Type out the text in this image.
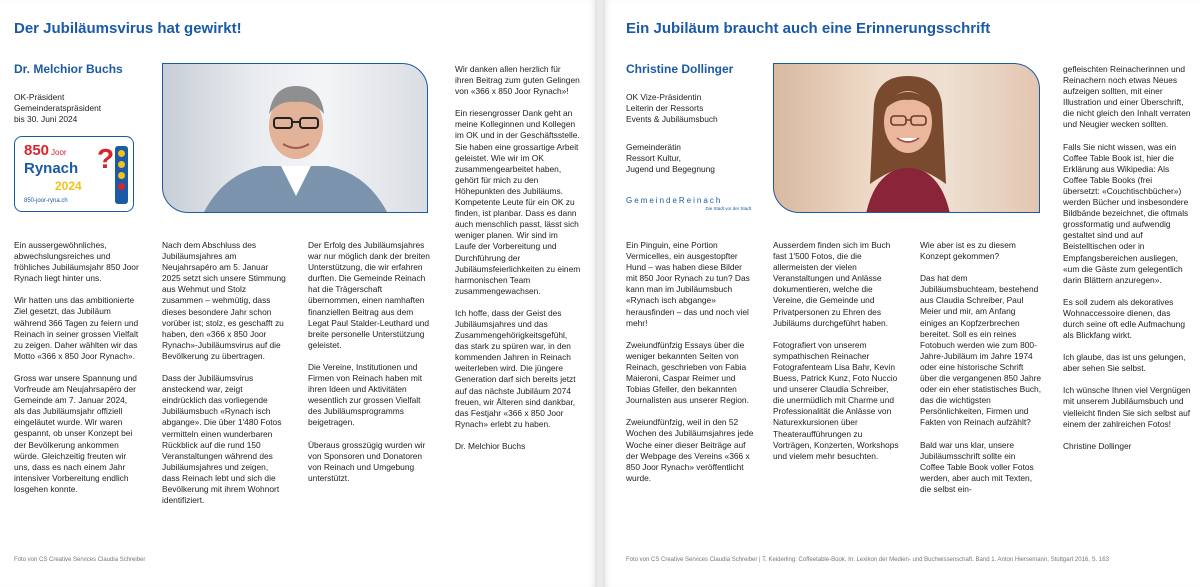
Der Jubiläumsvirus hat gewirkt!
Dr. Melchior Buchs
OK-Präsident
Gemeinderatspräsident
bis 30. Juni 2024
850 Joor
Rynach
2024
850-joor-ryna.ch
?

Ein aussergewöhnliches, abwechslungsreiches und fröhliches Jubiläumsjahr 850 Joor Rynach liegt hinter uns.

Wir hatten uns das ambitionierte Ziel gesetzt, das Jubiläum während 366 Tagen zu feiern und Reinach in seiner grossen Vielfalt zu zeigen. Daher wählten wir das Motto «366 x 850 Joor Rynach».

Gross war unsere Spannung und Vorfreude am Neujahrsapéro der Gemeinde am 7. Januar 2024, als das Jubiläumsjahr offiziell eingeläutet wurde. Wir waren gespannt, ob unser Konzept bei der Bevölkerung ankommen würde. Gleichzeitig freuten wir uns, dass es nach einem Jahr intensiver Vorbereitung endlich losgehen konnte.

Nach dem Abschluss des Jubiläumsjahres am Neujahrsapéro am 5. Januar 2025 setzt sich unsere Stimmung aus Wehmut und Stolz zusammen – wehmütig, dass dieses besondere Jahr schon vorüber ist; stolz, es geschafft zu haben, den «366 x 850 Joor Rynach»-Jubiläumsvirus auf die Bevölkerung zu übertragen.

Dass der Jubiläumsvirus ansteckend war, zeigt eindrücklich das vorliegende Jubiläumsbuch «Rynach isch abgange». Die über 1'480 Fotos vermitteln einen wunderbaren Rückblick auf die rund 150 Veranstaltungen während des Jubiläumsjahres und zeigen, dass Reinach lebt und sich die Bevölkerung mit ihrem Wohnort identifiziert.

Der Erfolg des Jubiläumsjahres war nur möglich dank der breiten Unterstützung, die wir erfahren durften. Die Gemeinde Reinach hat die Trägerschaft übernommen, einen namhaften finanziellen Beitrag aus dem Legat Paul Stalder-Leuthard und breite personelle Unterstützung geleistet.

Die Vereine, Institutionen und Firmen von Reinach haben mit ihren Ideen und Aktivitäten wesentlich zur grossen Vielfalt des Jubiläumsprogramms beigetragen.

Überaus grosszügig wurden wir von Sponsoren und Donatoren von Reinach und Umgebung unterstützt.

Wir danken allen herzlich für ihren Beitrag zum guten Gelingen von «366 x 850 Joor Rynach»!

Ein riesengrosser Dank geht an meine Kolleginnen und Kollegen im OK und in der Geschäftsstelle. Sie haben eine grossartige Arbeit geleistet. Wie wir im OK zusammengearbeitet haben, gehört für mich zu den Höhepunkten des Jubiläums. Kompetente Leute für ein OK zu finden, ist planbar. Dass es dann auch menschlich passt, lässt sich weniger planen. Wir sind im Laufe der Vorbereitung und Durchführung der Jubiläumsfeierlichkeiten zu einem harmonischen Team zusammengewachsen.

Ich hoffe, dass der Geist des Jubiläumsjahres und das Zusammengehörigkeitsgefühl, das stark zu spüren war, in den kommenden Jahren in Reinach weiterleben wird. Die jüngere Generation darf sich bereits jetzt auf das nächste Jubiläum 2074 freuen, wir Älteren sind dankbar, das Festjahr «366 x 850 Joor Rynach» erlebt zu haben.

Dr. Melchior Buchs

Foto von CS Creative Services Claudia Schreiber
Ein Jubiläum braucht auch eine Erinnerungsschrift
Christine Dollinger
OK Vize-Präsidentin
Leiterin der Ressorts
Events & Jubiläumsbuch
Gemeinderätin
Ressort Kultur,
Jugend und Begegnung
GemeindeReinach
Die Stadt vor der Stadt

Ein Pinguin, eine Portion Vermicelles, ein ausgestopfter Hund – was haben diese Bilder mit 850 Joor Rynach zu tun? Das kann man im Jubiläumsbuch «Rynach isch abgange» herausfinden – das und noch viel mehr!

Zweiundfünfzig Essays über die weniger bekannten Seiten von Reinach, geschrieben von Fabia Maieroni, Caspar Reimer und Tobias Gfeller, den bekannten Journalisten aus unserer Region.

Zweiundfünfzig, weil in den 52 Wochen des Jubiläumsjahres jede Woche einer dieser Beiträge auf der Webpage des Vereins «366 x 850 Joor Rynach» veröffentlicht wurde.

Ausserdem finden sich im Buch fast 1'500 Fotos, die die allermeisten der vielen Veranstaltungen und Anlässe dokumentieren, welche die Vereine, die Gemeinde und Privatpersonen zu Ehren des Jubiläums durchgeführt haben.

Fotografiert von unserem sympathischen Reinacher Fotografenteam Lisa Bahr, Kevin Buess, Patrick Kunz, Foto Nuccio und unserer Claudia Schreiber, die unermüdlich mit Charme und Professionalität die Anlässe von Naturexkursionen über Theateraufführungen zu Vorträgen, Konzerten, Workshops und vielem mehr besuchten.

Wie aber ist es zu diesem Konzept gekommen?

Das hat dem Jubiläumsbuchteam, bestehend aus Claudia Schreiber, Paul Meier und mir, am Anfang einiges an Kopfzerbrechen bereitet. Soll es ein reines Fotobuch werden wie zum 800-Jahre-Jubiläum im Jahre 1974 oder eine historische Schrift über die vergangenen 850 Jahre oder ein eher statistisches Buch, das die wichtigsten Persönlichkeiten, Firmen und Fakten von Reinach aufzählt?

Bald war uns klar, unsere Jubiläumsschrift sollte ein Coffee Table Book voller Fotos werden, aber auch mit Texten, die selbst ein-

gefleischten Reinacherinnen und Reinachern noch etwas Neues aufzeigen sollten, mit einer Illustration und einer Überschrift, die nicht gleich den Inhalt verraten und Neugier wecken sollten.

Falls Sie nicht wissen, was ein Coffee Table Book ist, hier die Erklärung aus Wikipedia: Als Coffee Table Books (frei übersetzt: «Couchtischbücher») werden Bücher und insbesondere Bildbände bezeichnet, die oftmals grossformatig und aufwendig gestaltet sind und auf Beistelltischen oder in Empfangsbereichen ausliegen, «um die Gäste zum gelegentlich darin Blättern anzuregen».

Es soll zudem als dekoratives Wohnaccessoire dienen, das durch seine oft edle Aufmachung als Blickfang wirkt.

Ich glaube, das ist uns gelungen, aber sehen Sie selbst.

Ich wünsche Ihnen viel Vergnügen mit unserem Jubiläumsbuch und vielleicht finden Sie sich selbst auf einem der zahlreichen Fotos!

Christine Dollinger

Foto von CS Creative Services Claudia Schreiber | T. Keiderling: Coffeetable-Book. In: Lexikon der Medien- und Buchwissenschaft. Band 1. Anton Hiersemann, Stuttgart 2016, S. 163
